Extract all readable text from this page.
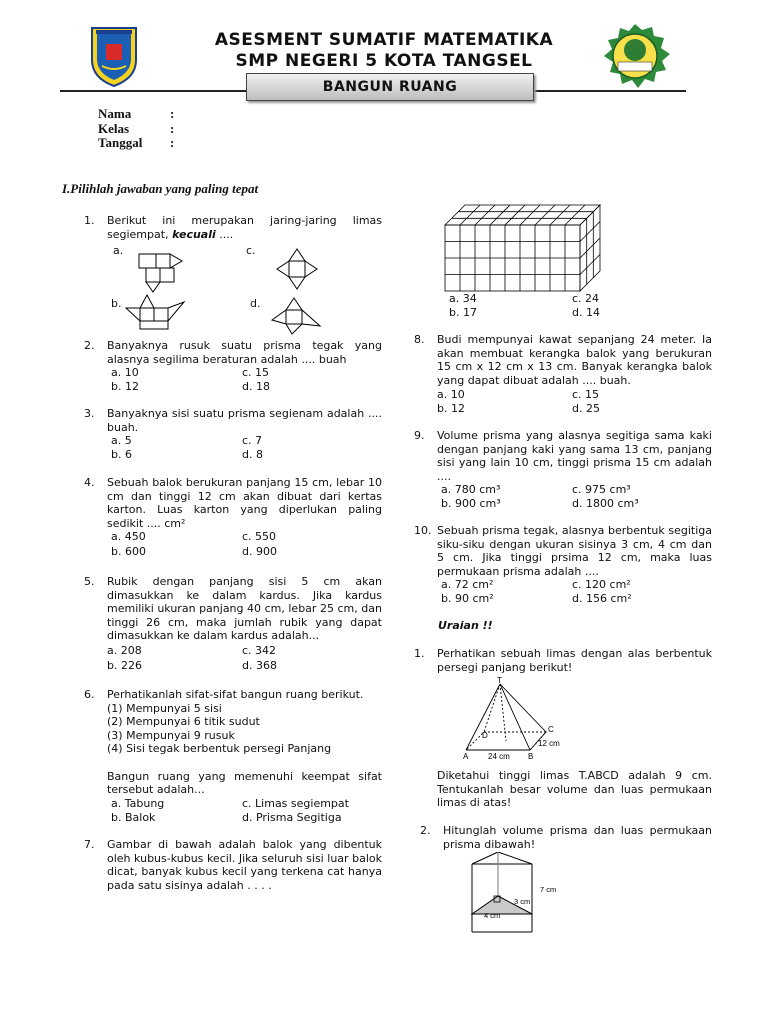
ASESMENT SUMATIF MATEMATIKA
SMP NEGERI 5 KOTA TANGSEL
BANGUN RUANG
Nama	:
Kelas	:
Tanggal :
I.Pilihlah jawaban yang paling tepat
1. Berikut ini merupakan jaring-jaring limas segiempat, kecuali ....
a.	c.
b.	d.
2. Banyaknya rusuk suatu prisma tegak yang alasnya segilima beraturan adalah .... buah
a. 10	c. 15
b. 12	d. 18
3. Banyaknya sisi suatu prisma segienam adalah .... buah.
a. 5	c. 7
b. 6	d. 8
4. Sebuah balok berukuran panjang 15 cm, lebar 10 cm dan tinggi 12 cm akan dibuat dari kertas karton. Luas karton yang diperlukan paling sedikit .... cm²
a. 450	c. 550
b. 600	d. 900
5. Rubik dengan panjang sisi 5 cm akan dimasukkan ke dalam kardus. Jika kardus memiliki ukuran panjang 40 cm, lebar 25 cm, dan tinggi 26 cm, maka jumlah rubik yang dapat dimasukkan ke dalam kardus adalah...
a. 208	c. 342
b. 226	d. 368
6. Perhatikanlah sifat-sifat bangun ruang berikut.
(1) Mempunyai 5 sisi
(2) Mempunyai 6 titik sudut
(3) Mempunyai 9 rusuk
(4) Sisi tegak berbentuk persegi Panjang
Bangun ruang yang memenuhi keempat sifat tersebut adalah...
a. Tabung	c. Limas segiempat
b. Balok	d. Prisma Segitiga
7. Gambar di bawah adalah balok yang dibentuk oleh kubus-kubus kecil. Jika seluruh sisi luar balok dicat, banyak kubus kecil yang terkena cat hanya pada satu sisinya adalah . . . .
a. 34	c. 24
b. 17	d. 14
8. Budi mempunyai kawat sepanjang 24 meter. Ia akan membuat kerangka balok yang berukuran 15 cm x 12 cm x 13 cm. Banyak kerangka balok yang dapat dibuat adalah .... buah.
a. 10	c. 15
b. 12	d. 25
9. Volume prisma yang alasnya segitiga sama kaki dengan panjang kaki yang sama 13 cm, panjang sisi yang lain 10 cm, tinggi prisma 15 cm adalah ....
a. 780 cm³	c. 975 cm³
b. 900 cm³	d. 1800 cm³
10. Sebuah prisma tegak, alasnya berbentuk segitiga siku-siku dengan ukuran sisinya 3 cm, 4 cm dan 5 cm. Jika tinggi prsima 12 cm, maka luas permukaan prisma adalah ....
a. 72 cm²	c. 120 cm²
b. 90 cm²	d. 156 cm²
Uraian !!
1. Perhatikan sebuah limas dengan alas berbentuk persegi panjang berikut!
T
A	B
C
D
12 cm
24 cm
Diketahui tinggi limas T.ABCD adalah 9 cm. Tentukanlah besar volume dan luas permukaan limas di atas!
2. Hitunglah volume prisma dan luas permukaan prisma dibawah!
7 cm
3 cm
4 cm
